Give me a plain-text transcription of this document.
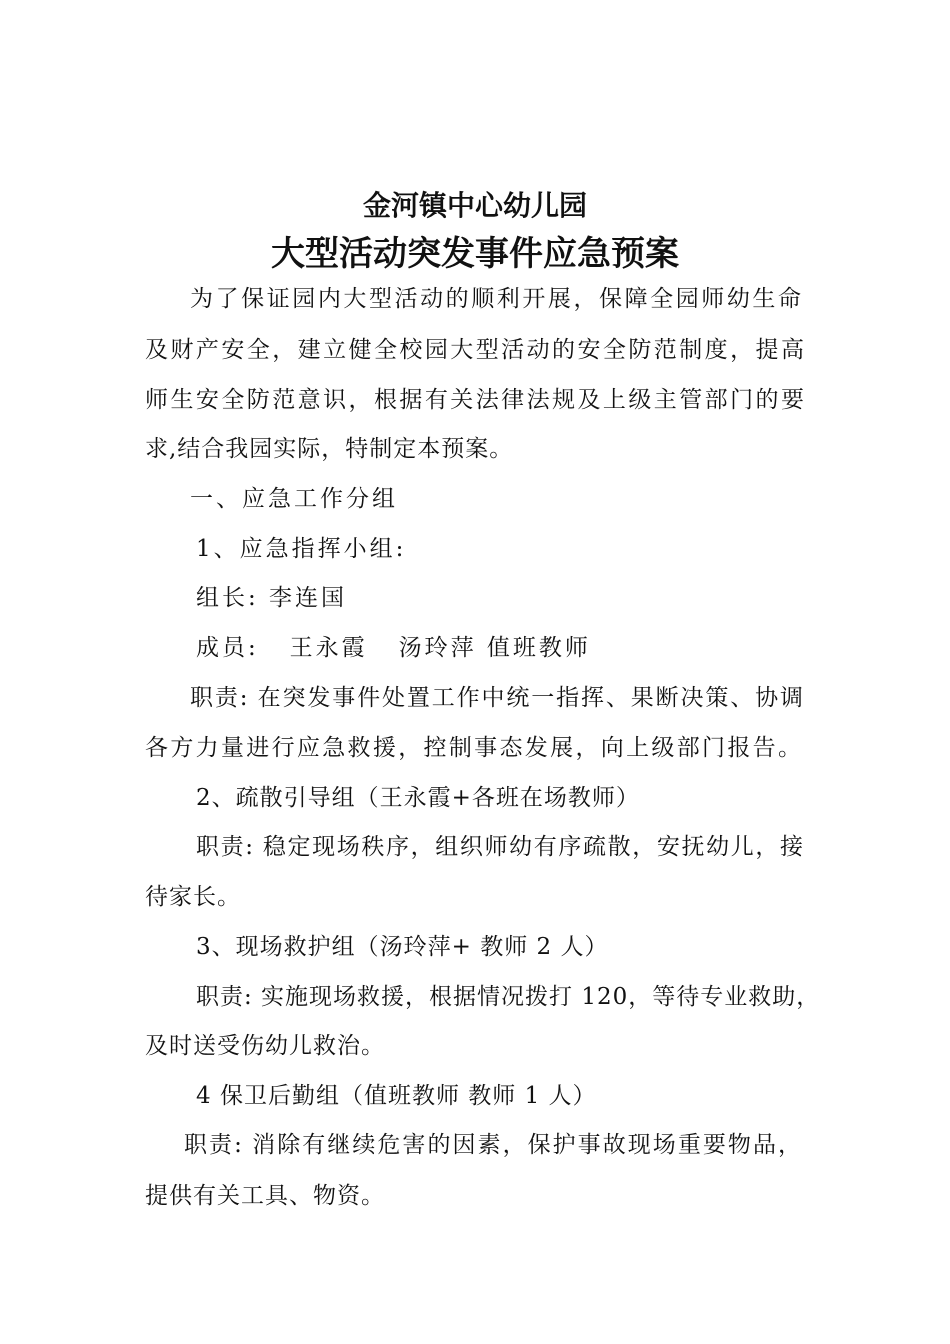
金河镇中心幼儿园
大型活动突发事件应急预案
为了保证园内大型活动的顺利开展，保障全园师幼生命
及财产安全，建立健全校园大型活动的安全防范制度，提高
师生安全防范意识，根据有关法律法规及上级主管部门的要
求,结合我园实际，特制定本预案。
一、应急工作分组
1、应急指挥小组:
组长: 李连国
成员:   王永霞   汤玲萍 值班教师
职责: 在突发事件处置工作中统一指挥、果断决策、协调
各方力量进行应急救援，控制事态发展，向上级部门报告。
2、疏散引导组（王永霞+各班在场教师）
职责: 稳定现场秩序，组织师幼有序疏散，安抚幼儿，接
待家长。
3、现场救护组（汤玲萍+ 教师 2 人）
职责: 实施现场救援，根据情况拨打 120，等待专业救助，
及时送受伤幼儿救治。
4 保卫后勤组（值班教师 教师 1 人）
职责: 消除有继续危害的因素，保护事故现场重要物品，
提供有关工具、物资。
